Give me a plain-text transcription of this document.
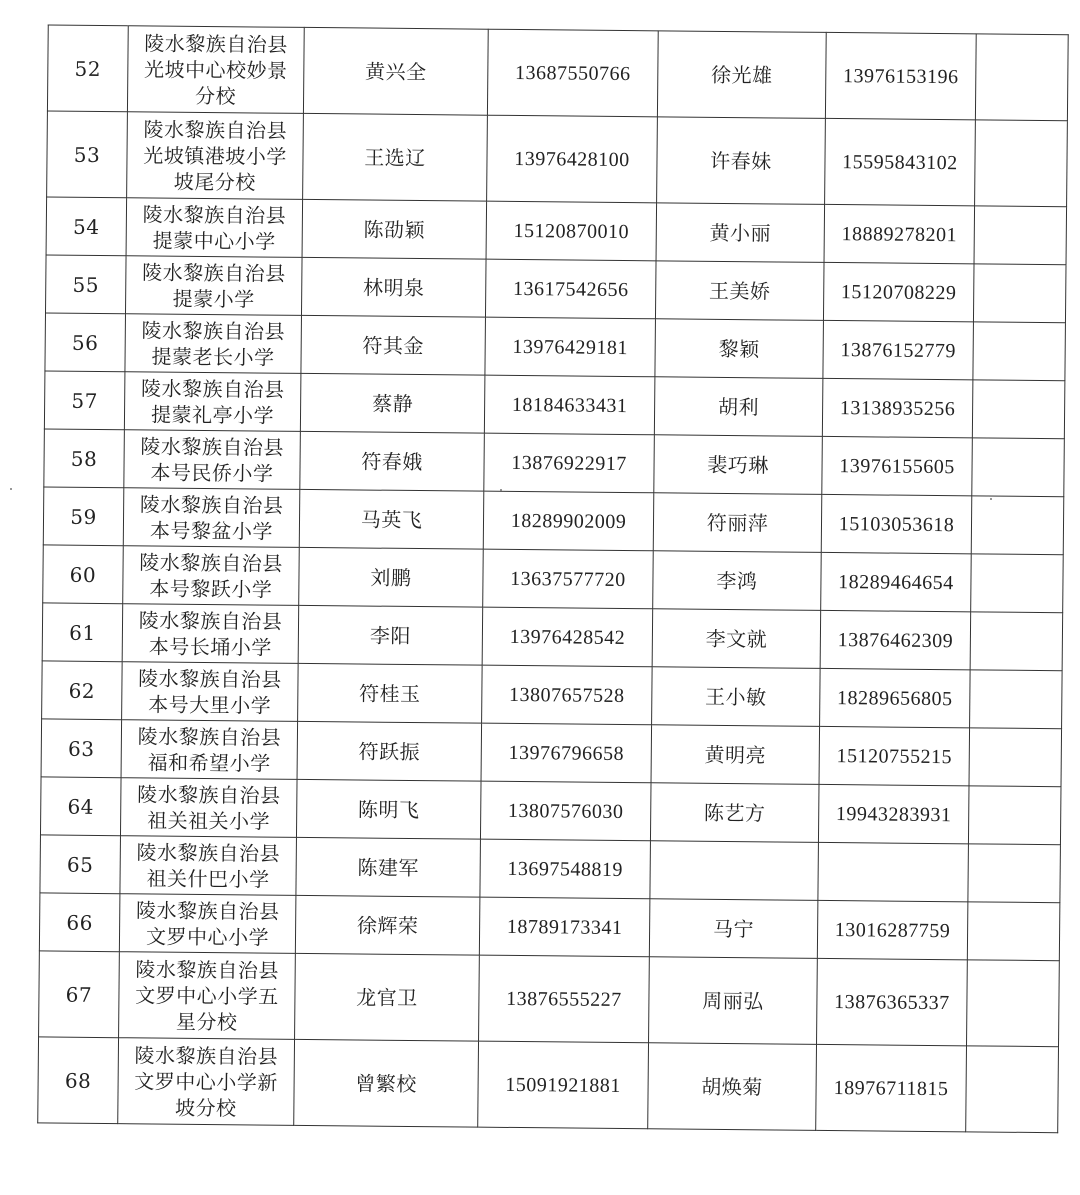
52	陵水黎族自治县
光坡中心校妙景
分校	黄兴全	13687550766	徐光雄	13976153196	
53	陵水黎族自治县
光坡镇港坡小学
坡尾分校	王选辽	13976428100	许春妹	15595843102	
54	陵水黎族自治县
提蒙中心小学	陈劭颖	15120870010	黄小丽	18889278201	
55	陵水黎族自治县
提蒙小学	林明泉	13617542656	王美娇	15120708229	
56	陵水黎族自治县
提蒙老长小学	符其金	13976429181	黎颖	13876152779	
57	陵水黎族自治县
提蒙礼亭小学	蔡静	18184633431	胡利	13138935256	
58	陵水黎族自治县
本号民侨小学	符春娥	13876922917	裴巧琳	13976155605	
59	陵水黎族自治县
本号黎盆小学	马英飞	18289902009	符丽萍	15103053618	
60	陵水黎族自治县
本号黎跃小学	刘鹏	13637577720	李鸿	18289464654	
61	陵水黎族自治县
本号长埇小学	李阳	13976428542	李文就	13876462309	
62	陵水黎族自治县
本号大里小学	符桂玉	13807657528	王小敏	18289656805	
63	陵水黎族自治县
福和希望小学	符跃振	13976796658	黄明亮	15120755215	
64	陵水黎族自治县
祖关祖关小学	陈明飞	13807576030	陈艺方	19943283931	
65	陵水黎族自治县
祖关什巴小学	陈建军	13697548819			
66	陵水黎族自治县
文罗中心小学	徐辉荣	18789173341	马宁	13016287759	
67	陵水黎族自治县
文罗中心小学五
星分校	龙官卫	13876555227	周丽弘	13876365337	
68	陵水黎族自治县
文罗中心小学新
坡分校	曾繁校	15091921881	胡焕菊	18976711815	
